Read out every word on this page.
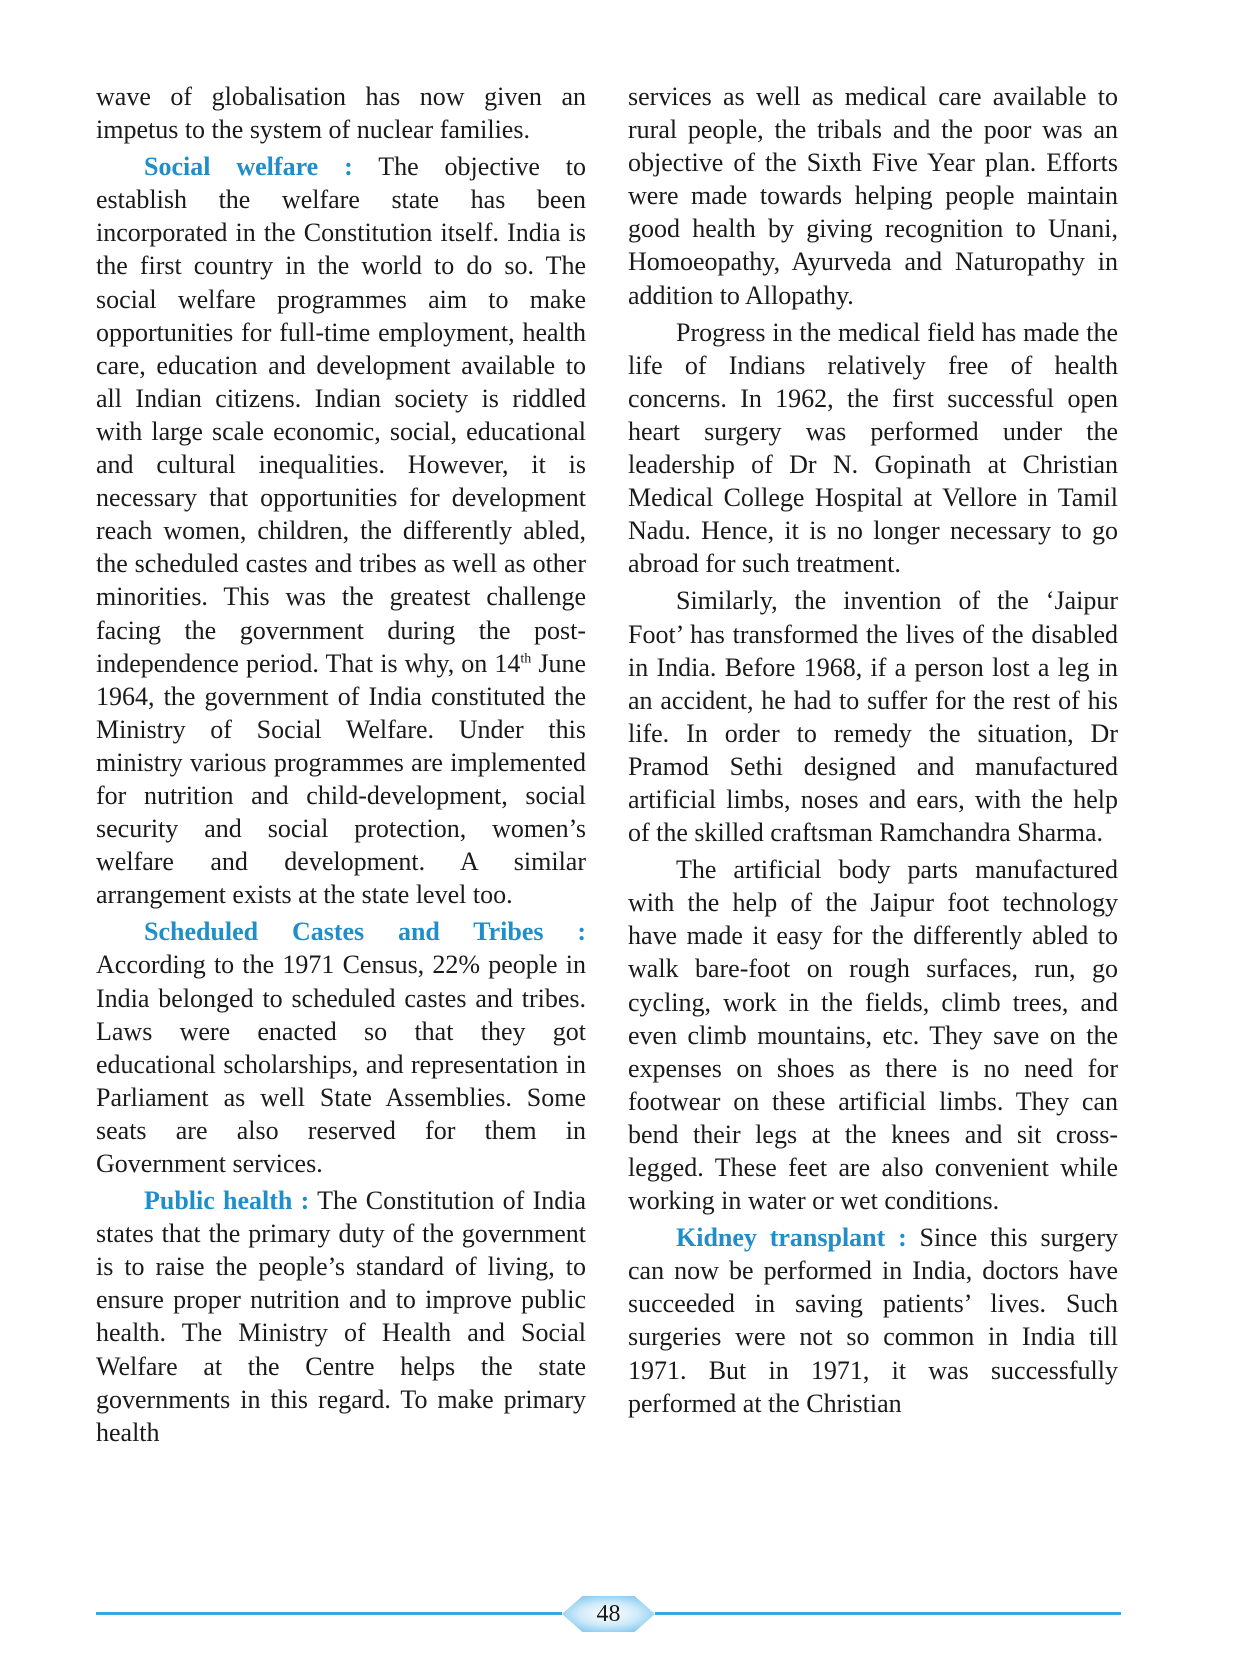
wave of globalisation has now given an impetus to the system of nuclear families.

Social welfare : The objective to establish the welfare state has been incorporated in the Constitution itself. India is the first country in the world to do so. The social welfare programmes aim to make opportunities for full-time employment, health care, education and development available to all Indian citizens. Indian society is riddled with large scale economic, social, educational and cultural inequalities. However, it is necessary that opportunities for development reach women, children, the differently abled, the scheduled castes and tribes as well as other minorities. This was the greatest challenge facing the government during the post-independence period. That is why, on 14th June 1964, the government of India constituted the Ministry of Social Welfare. Under this ministry various programmes are implemented for nutrition and child-development, social security and social protection, women’s welfare and development. A similar arrangement exists at the state level too.

Scheduled Castes and Tribes : According to the 1971 Census, 22% people in India belonged to scheduled castes and tribes. Laws were enacted so that they got educational scholarships, and representation in Parliament as well State Assemblies. Some seats are also reserved for them in Government services.

Public health : The Constitution of India states that the primary duty of the government is to raise the people’s standard of living, to ensure proper nutrition and to improve public health. The Ministry of Health and Social Welfare at the Centre helps the state governments in this regard. To make primary health

services as well as medical care available to rural people, the tribals and the poor was an objective of the Sixth Five Year plan. Efforts were made towards helping people maintain good health by giving recognition to Unani, Homoeopathy, Ayurveda and Naturopathy in addition to Allopathy.

Progress in the medical field has made the life of Indians relatively free of health concerns. In 1962, the first successful open heart surgery was performed under the leadership of Dr N. Gopinath at Christian Medical College Hospital at Vellore in Tamil Nadu. Hence, it is no longer necessary to go abroad for such treatment.

Similarly, the invention of the ‘Jaipur Foot’ has transformed the lives of the disabled in India. Before 1968, if a person lost a leg in an accident, he had to suffer for the rest of his life. In order to remedy the situation, Dr Pramod Sethi designed and manufactured artificial limbs, noses and ears, with the help of the skilled craftsman Ramchandra Sharma.

The artificial body parts manufactured with the help of the Jaipur foot technology have made it easy for the differently abled to walk bare-foot on rough surfaces, run, go cycling, work in the fields, climb trees, and even climb mountains, etc. They save on the expenses on shoes as there is no need for footwear on these artificial limbs. They can bend their legs at the knees and sit cross-legged. These feet are also convenient while working in water or wet conditions.

Kidney transplant : Since this surgery can now be performed in India, doctors have succeeded in saving patients’ lives. Such surgeries were not so common in India till 1971. But in 1971, it was successfully performed at the Christian

48
